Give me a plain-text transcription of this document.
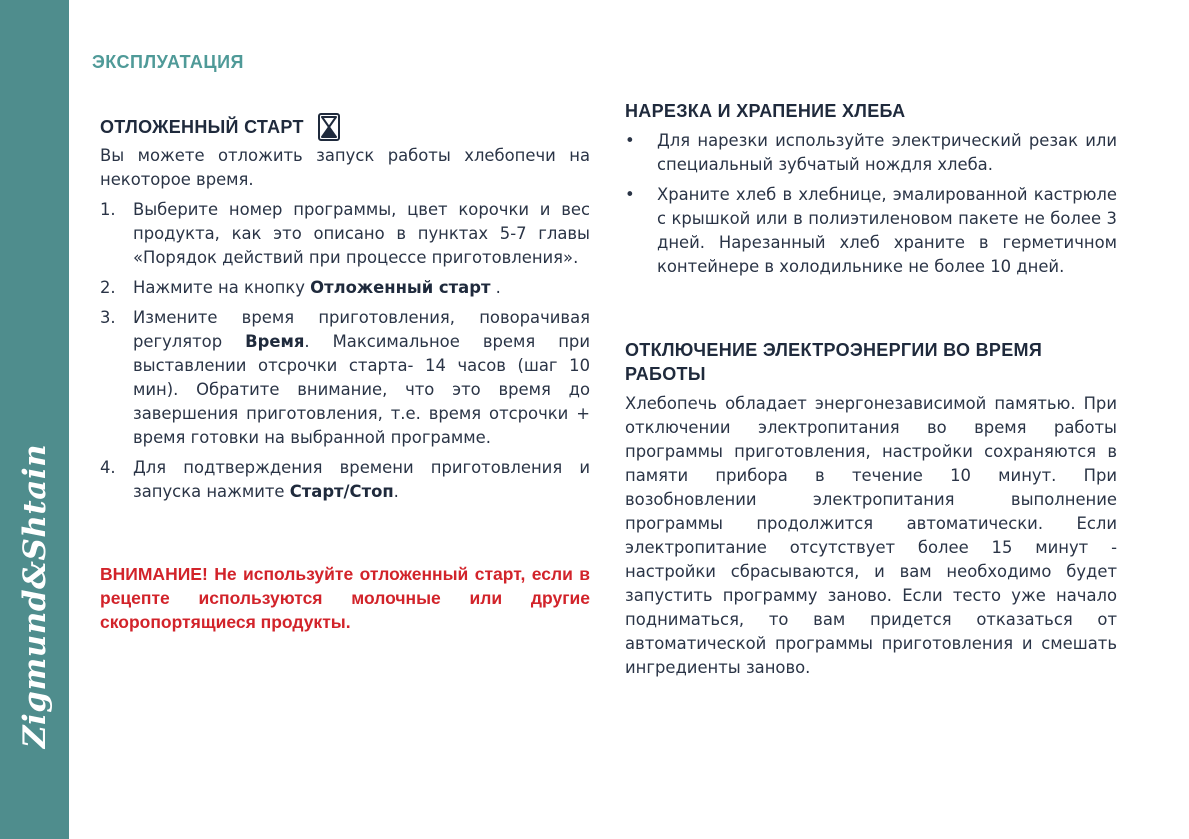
Zigmund&Shtain
ЭКСПЛУАТАЦИЯ
ОТЛОЖЕННЫЙ СТАРТ

Вы можете отложить запуск работы хлебопечи на некоторое время.

1. Выберите номер программы, цвет корочки и вес продукта, как это описано в пунктах 5-7 главы «Порядок действий при процессе приготовления».
2. Нажмите на кнопку Отложенный старт .
3. Измените время приготовления, поворачивая регулятор Время. Максимальное время при выставлении отсрочки старта- 14 часов (шаг 10 мин). Обратите внимание, что это время до завершения приготовления, т.е. время отсрочки + время готовки на выбранной программе.
4. Для подтверждения времени приготовления и запуска нажмите Старт/Стоп.
ВНИМАНИЕ! Не используйте отложенный старт, если в рецепте используются молочные или другие скоропортящиеся продукты.
НАРЕЗКА И ХРАПЕНИЕ ХЛЕБА
• Для нарезки используйте электрический резак или специальный зубчатый нождля хлеба.
• Храните хлеб в хлебнице, эмалированной кастрюле с крышкой или в полиэтиленовом пакете не более 3 дней. Нарезанный хлеб храните в герметичном контейнере в холодильнике не более 10 дней.
ОТКЛЮЧЕНИЕ ЭЛЕКТРОЭНЕРГИИ ВО ВРЕМЯ РАБОТЫ

Хлебопечь обладает энергонезависимой памятью. При отключении электропитания во время работы программы приготовления, настройки сохраняются в памяти прибора в течение 10 минут. При возобновлении электропитания выполнение программы продолжится автоматически. Если электропитание отсутствует более 15 минут - настройки сбрасываются, и вам необходимо будет запустить программу заново. Если тесто уже начало подниматься, то вам придется отказаться от автоматической программы приготовления и смешать ингредиенты заново.
